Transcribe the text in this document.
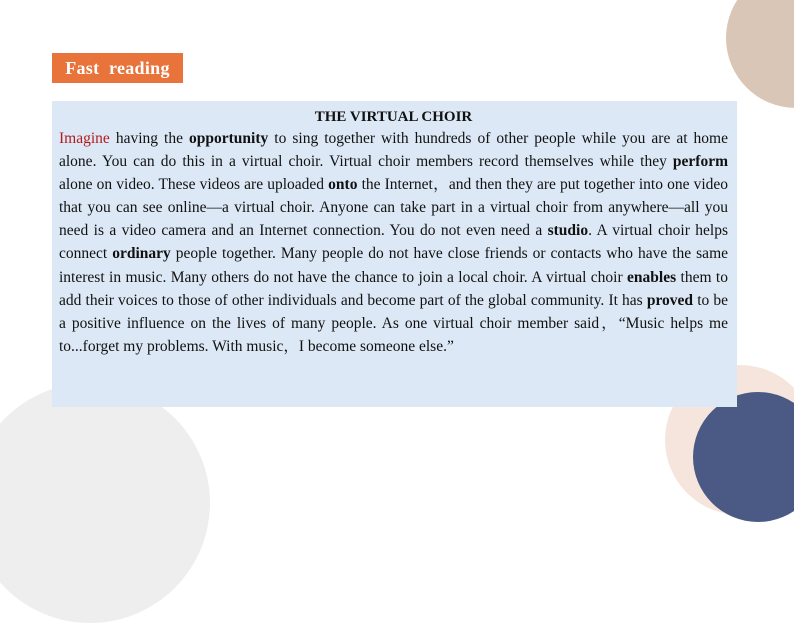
Fast  reading

THE VIRTUAL CHOIR

Imagine having the opportunity to sing together with hundreds of other people while you are at home alone. You can do this in a virtual choir. Virtual choir members record themselves while they perform alone on video. These videos are uploaded onto the Internet，and then they are put together into one video that you can see online—a virtual choir. Anyone can take part in a virtual choir from anywhere—all you need is a video camera and an Internet connection. You do not even need a studio. A virtual choir helps connect ordinary people together. Many people do not have close friends or contacts who have the same interest in music. Many others do not have the chance to join a local choir. A virtual choir enables them to add their voices to those of other individuals and become part of the global community. It has proved to be a positive influence on the lives of many people. As one virtual choir member said，“Music helps me to...forget my problems. With music，I become someone else.”
